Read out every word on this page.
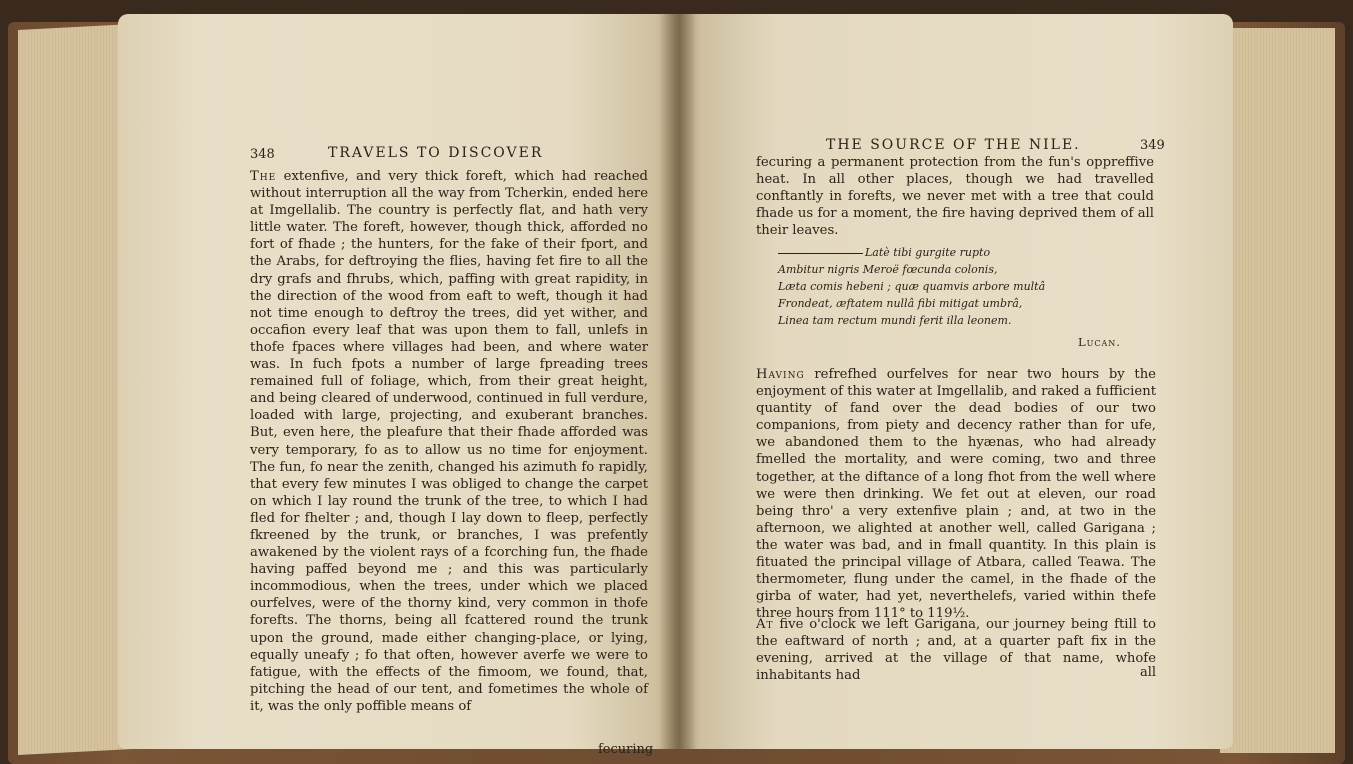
348	TRAVELS TO DISCOVER

The extenfive, and very thick foreft, which had reached without interruption all the way from Tcherkin, ended here at Imgellalib. The country is perfectly flat, and hath very little water. The foreft, however, though thick, afforded no fort of fhade ; the hunters, for the fake of their fport, and the Arabs, for deftroying the flies, having fet fire to all the dry grafs and fhrubs, which, paffing with great rapidity, in the direction of the wood from eaft to weft, though it had not time enough to deftroy the trees, did yet wither, and occafion every leaf that was upon them to fall, unlefs in thofe fpaces where villages had been, and where water was. In fuch fpots a number of large fpreading trees remained full of foliage, which, from their great height, and being cleared of underwood, continued in full verdure, loaded with large, projecting, and exuberant branches. But, even here, the pleafure that their fhade afforded was very temporary, fo as to allow us no time for enjoyment. The fun, fo near the zenith, changed his azimuth fo rapidly, that every few minutes I was obliged to change the carpet on which I lay round the trunk of the tree, to which I had fled for fhelter ; and, though I lay down to fleep, perfectly fkreened by the trunk, or branches, I was prefently awakened by the violent rays of a fcorching fun, the fhade having paffed beyond me ; and this was particularly incommodious, when the trees, under which we placed ourfelves, were of the thorny kind, very common in thofe forefts. The thorns, being all fcattered round the trunk upon the ground, made either changing-place, or lying, equally uneafy ; fo that often, however averfe we were to fatigue, with the effects of the fimoom, we found, that, pitching the head of our tent, and fometimes the whole of it, was the only poffible means of

fecuring
THE SOURCE OF THE NILE.	349
fecuring a permanent protection from the fun's oppreffive heat. In all other places, though we had travelled conftantly in forefts, we never met with a tree that could fhade us for a moment, the fire having deprived them of all their leaves.
Latè tibi gurgite rupto
Ambitur nigris Meroë fœcunda colonis,
Læta comis hebeni ; quæ quamvis arbore multâ
Frondeat, æftatem nullâ fibi mitigat umbrâ,
Linea tam rectum mundi ferit illa leonem.
Lucan.

Having refrefhed ourfelves for near two hours by the enjoyment of this water at Imgellalib, and raked a fufficient quantity of fand over the dead bodies of our two companions, from piety and decency rather than for ufe, we abandoned them to the hyænas, who had already fmelled the mortality, and were coming, two and three together, at the diftance of a long fhot from the well where we were then drinking. We fet out at eleven, our road being thro' a very extenfive plain ; and, at two in the afternoon, we alighted at another well, called Garigana ; the water was bad, and in fmall quantity. In this plain is fituated the principal village of Atbara, called Teawa. The thermometer, flung under the camel, in the fhade of the girba of water, had yet, neverthelefs, varied within thefe three hours from 111° to 119½.

At five o'clock we left Garigana, our journey being ftill to the eaftward of north ; and, at a quarter paft fix in the evening, arrived at the village of that name, whofe inhabitants had	all
